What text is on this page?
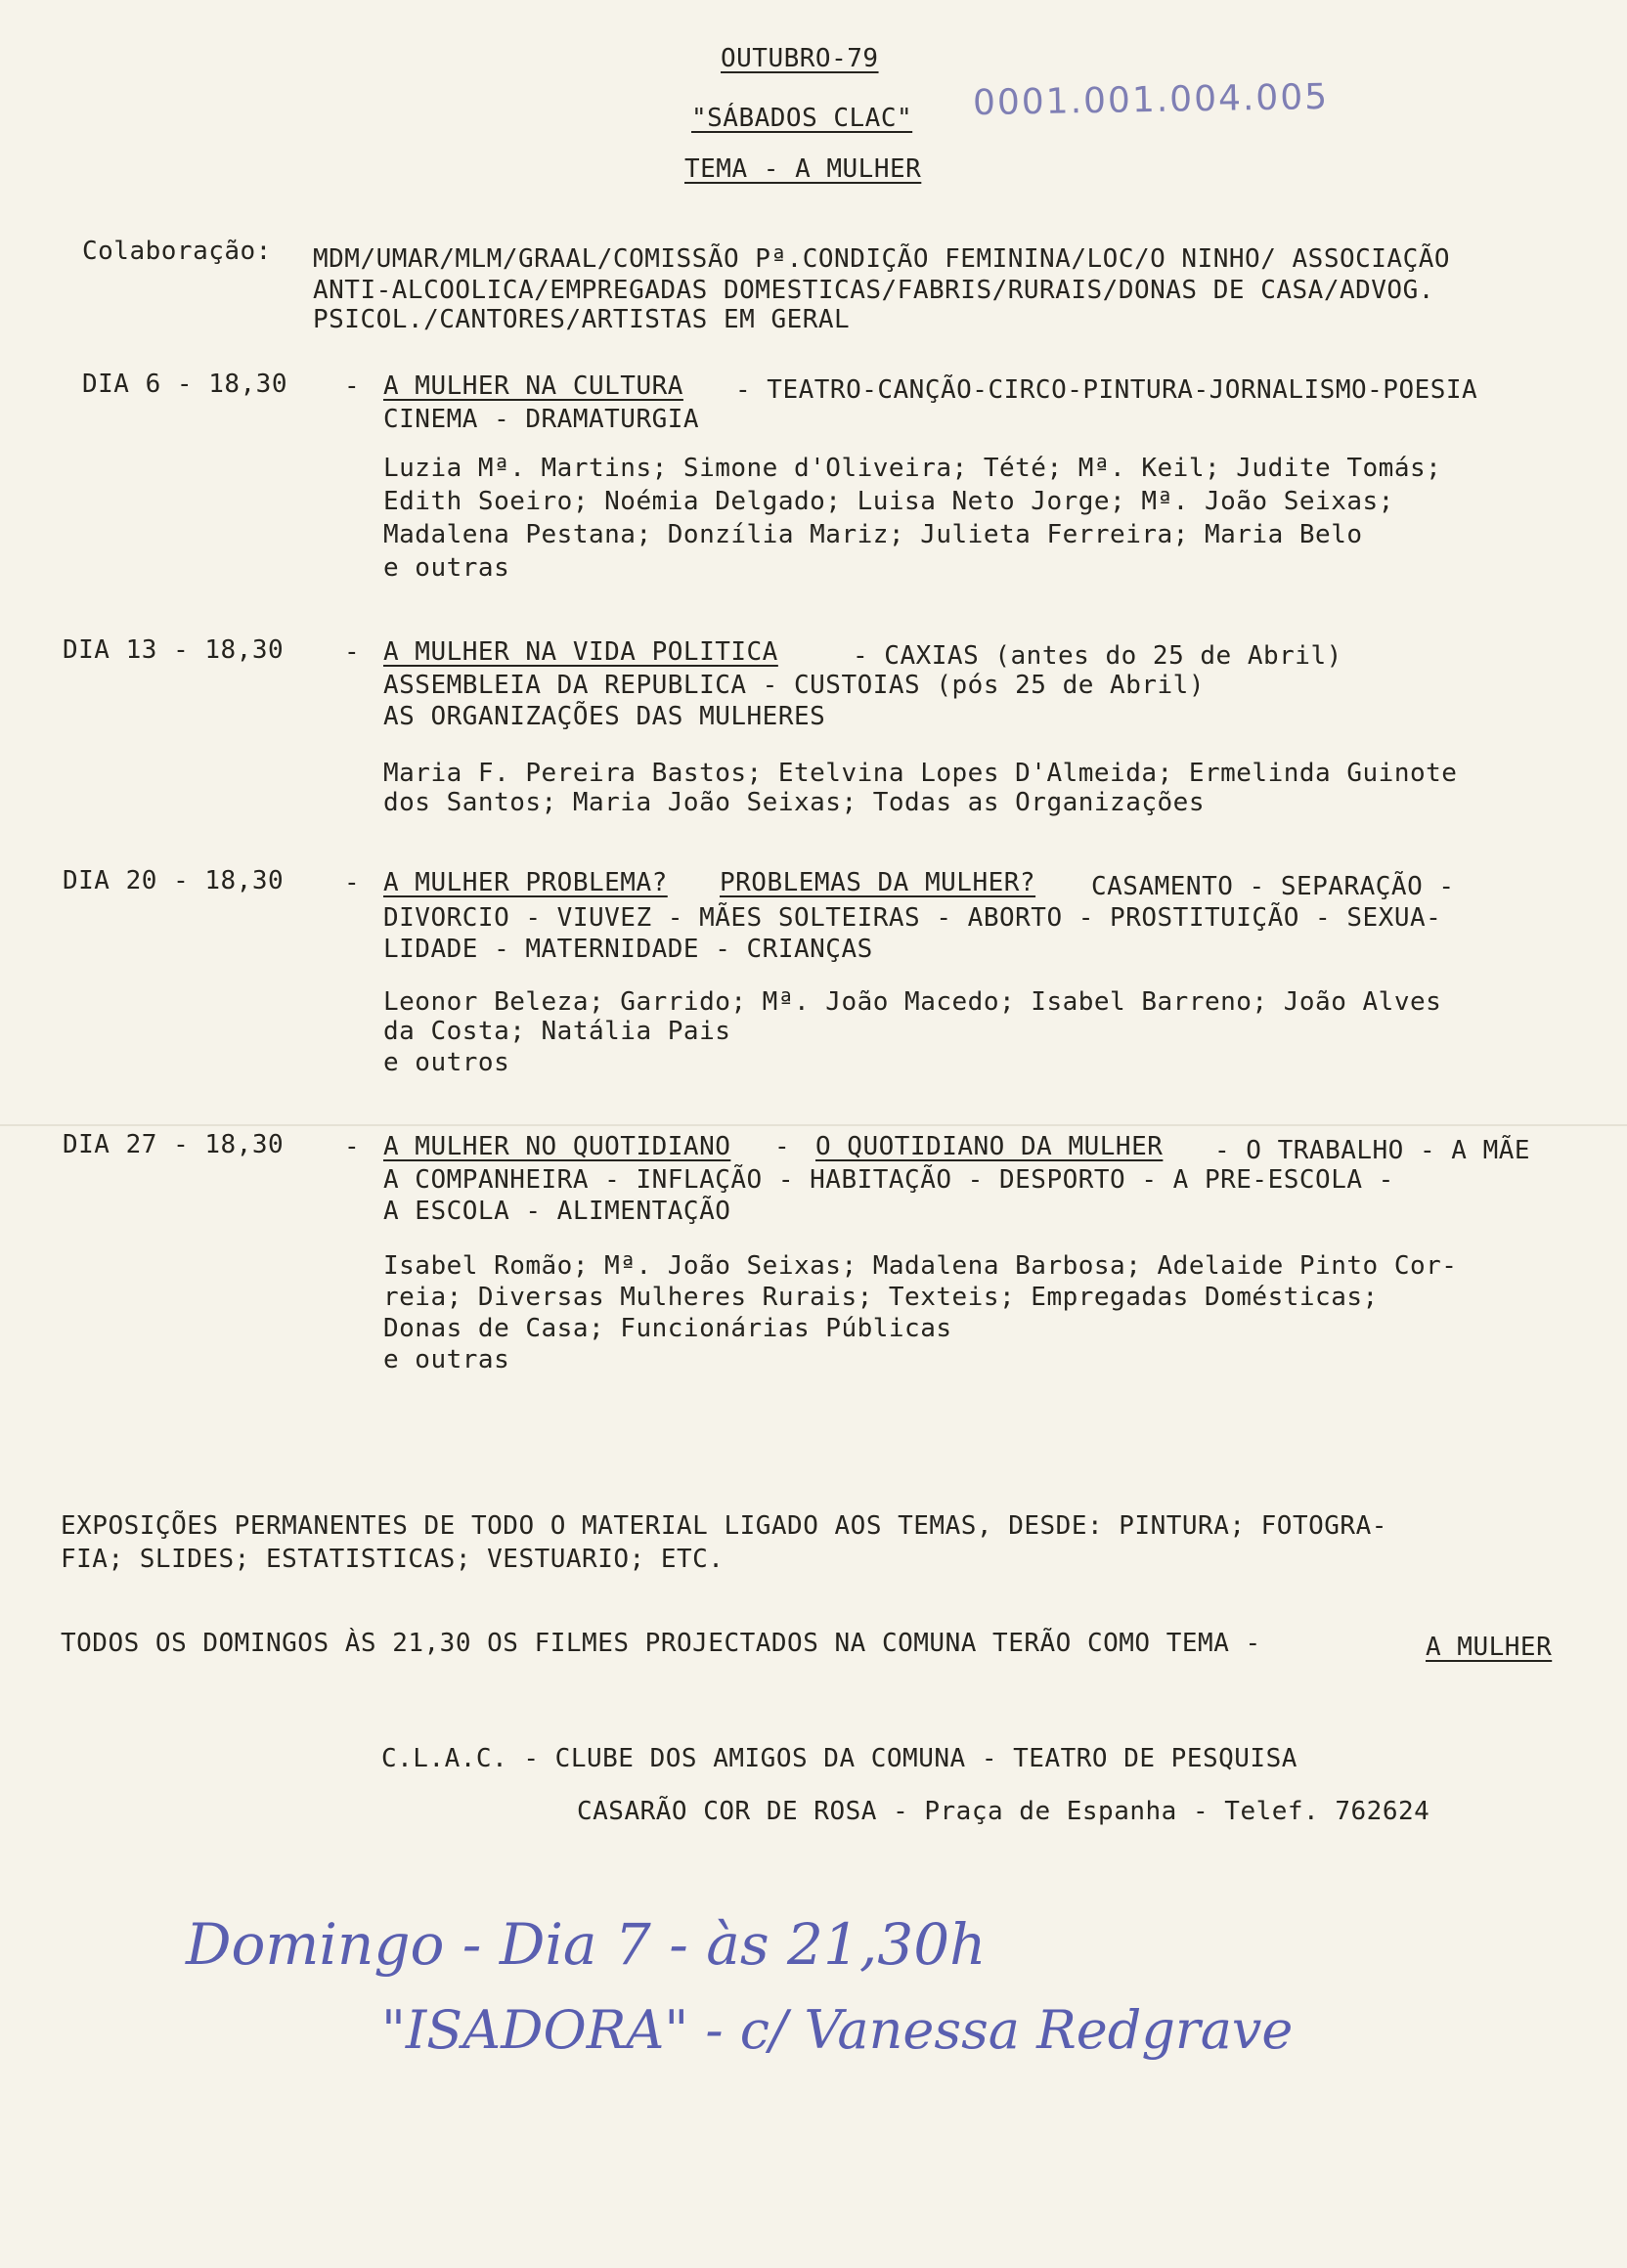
OUTUBRO-79
"SÁBADOS CLAC"
TEMA - A MULHER
0001.001.004.005
Colaboração: MDM/UMAR/MLM/GRAAL/COMISSÃO Pª.CONDIÇÃO FEMININA/LOC/O NINHO/ ASSOCIAÇÃO
ANTI-ALCOOLICA/EMPREGADAS DOMESTICAS/FABRIS/RURAIS/DONAS DE CASA/ADVOG.
PSICOL./CANTORES/ARTISTAS EM GERAL
DIA 6 - 18,30 - A MULHER NA CULTURA - TEATRO-CANÇÃO-CIRCO-PINTURA-JORNALISMO-POESIA
CINEMA - DRAMATURGIA
Luzia Mª. Martins; Simone d'Oliveira; Tété; Mª. Keil; Judite Tomás;
Edith Soeiro; Noémia Delgado; Luisa Neto Jorge; Mª. João Seixas;
Madalena Pestana; Donzília Mariz; Julieta Ferreira; Maria Belo
e outras
DIA 13 - 18,30 - A MULHER NA VIDA POLITICA	- CAXIAS (antes do 25 de Abril)
ASSEMBLEIA DA REPUBLICA - CUSTOIAS (pós 25 de Abril)
AS ORGANIZAÇÕES DAS MULHERES
Maria F. Pereira Bastos; Etelvina Lopes D'Almeida; Ermelinda Guinote
dos Santos; Maria João Seixas; Todas as Organizações
DIA 20 - 18,30 - A MULHER PROBLEMA? PROBLEMAS DA MULHER? CASAMENTO - SEPARAÇÃO -
DIVORCIO - VIUVEZ - MÃES SOLTEIRAS - ABORTO - PROSTITUIÇÃO - SEXUA-
LIDADE - MATERNIDADE - CRIANÇAS
Leonor Beleza; Garrido; Mª. João Macedo; Isabel Barreno; João Alves
da Costa; Natália Pais
e outros
DIA 27 - 18,30 - A MULHER NO QUOTIDIANO - O QUOTIDIANO DA MULHER - O TRABALHO - A MÃE
A COMPANHEIRA - INFLAÇÃO - HABITAÇÃO - DESPORTO - A PRE-ESCOLA -
A ESCOLA - ALIMENTAÇÃO
Isabel Romão; Mª. João Seixas; Madalena Barbosa; Adelaide Pinto Cor-
reia; Diversas Mulheres Rurais; Texteis; Empregadas Domésticas;
Donas de Casa; Funcionárias Públicas
e outras
EXPOSIÇÕES PERMANENTES DE TODO O MATERIAL LIGADO AOS TEMAS, DESDE: PINTURA; FOTOGRA-
FIA; SLIDES; ESTATISTICAS; VESTUARIO; ETC.
TODOS OS DOMINGOS ÀS 21,30 OS FILMES PROJECTADOS NA COMUNA TERÃO COMO TEMA -	A MULHER
C.L.A.C. - CLUBE DOS AMIGOS DA COMUNA - TEATRO DE PESQUISA
CASARÃO COR DE ROSA - Praça de Espanha - Telef. 762624
Domingo - Dia 7 - às 21,30h
"ISADORA" - c/ Vanessa Redgrave
